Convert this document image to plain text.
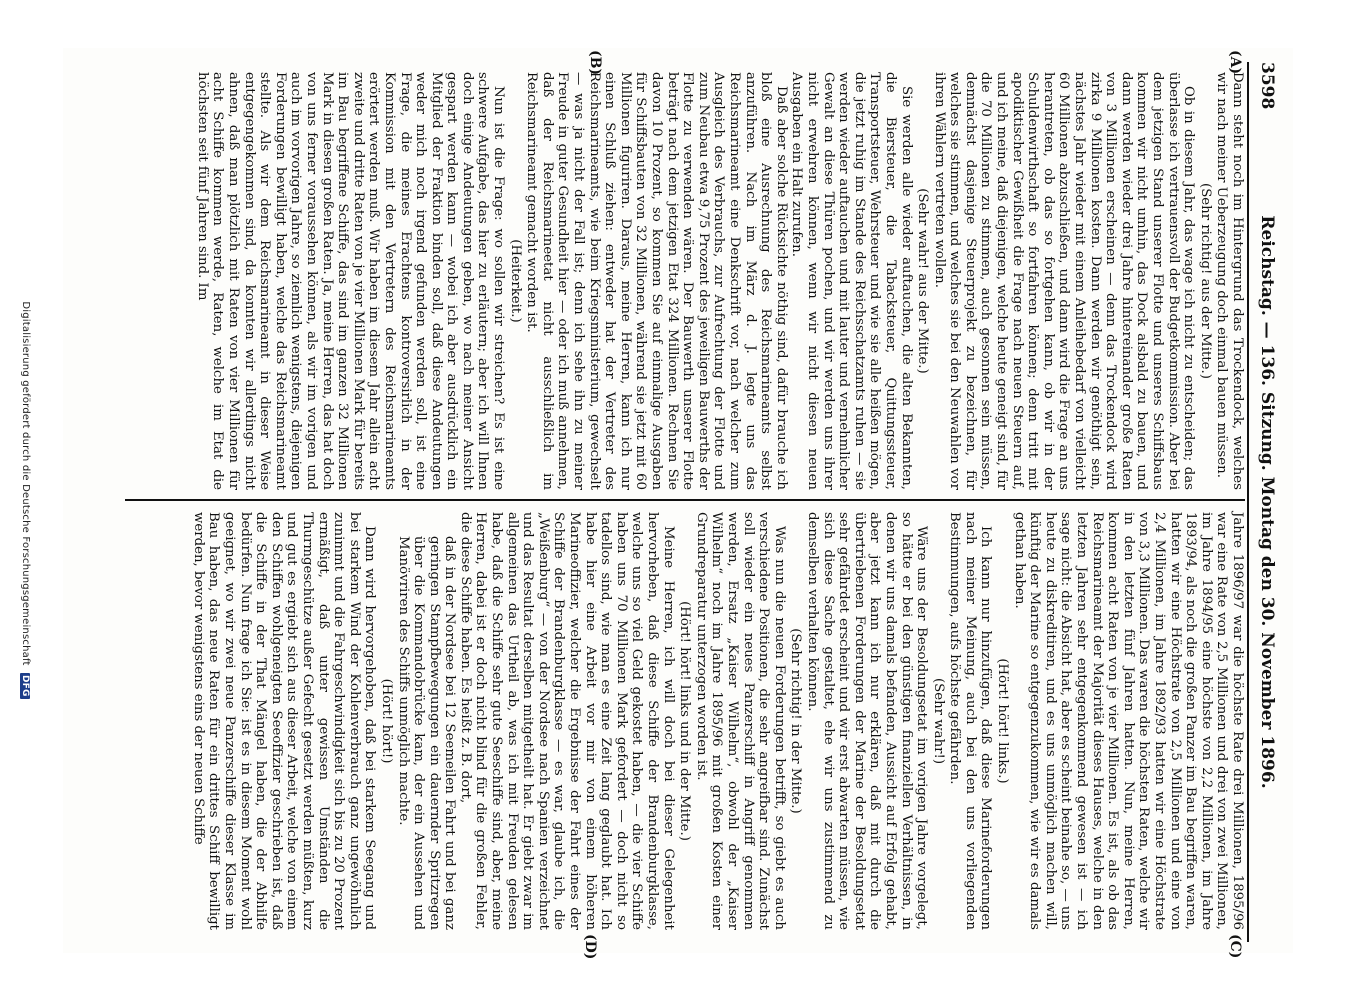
3598
Reichstag. — 136. Sitzung. Montag den 30. November 1896.
(A)
(B)
(C)
(D)

Dann steht noch im Hintergrund das Trockendock, welches wir nach meiner Ueberzeugung doch einmal bauen müssen.

(Sehr richtig! aus der Mitte.)

Ob in diesem Jahr, das wage ich nicht zu entscheiden; das überlasse ich vertrauensvoll der Budgetkommission. Aber bei dem jetzigen Stand unserer Flotte und unseres Schiffsbaus kommen wir nicht umhin, das Dock alsbald zu bauen, und dann werden wieder drei Jahre hintereinander große Raten von 3 Millionen erscheinen — denn das Trockendock wird zirka 9 Millionen kosten. Dann werden wir genöthigt sein, nächstes Jahr wieder mit einem Anleihebedarf von vielleicht 60 Millionen abzuschließen, und dann wird die Frage an uns herantreten, ob das so fortgehen kann, ob wir in der Schuldenwirthschaft so fortfahren können; denn tritt mit apodiktischer Gewißheit die Frage nach neuen Steuern auf, und ich meine, daß diejenigen, welche heute geneigt sind, für die 70 Millionen zu stimmen, auch gesonnen sein müssen, demnächst dasjenige Steuerprojekt zu bezeichnen, für welches sie stimmen, und welches sie bei den Neuwahlen vor ihren Wählern vertreten wollen.

(Sehr wahr! aus der Mitte.)

Sie werden alle wieder auftauchen, die alten Bekannten, die Biersteuer, die Tabacksteuer, Quittungssteuer, Transportsteuer, Wehrsteuer und wie sie alle heißen mögen, die jetzt ruhig im Stande des Reichsschatzamts ruhen — sie werden wieder auftauchen und mit lauter und vernehmlicher Gewalt an diese Thüren pochen, und wir werden uns ihrer nicht erwehren können, wenn wir nicht diesen neuen Ausgaben ein Halt zurufen.

Daß aber solche Rücksichte nöthig sind, dafür brauche ich bloß eine Ausrechnung des Reichsmarineamts selbst anzuführen. Nach im März d. J. legte uns das Reichsmarineamt eine Denkschrift vor, nach welcher zum Ausgleich des Verbrauchs, zur Aufrechtung der Flotte und zum Neubau etwa 9,75 Prozent des jeweiligen Bauwerths der Flotte zu verwenden wären. Der Bauwerth unserer Flotte beträgt nach dem jetzigen Etat 324 Millionen. Rechnen Sie davon 10 Prozent, so kommen Sie auf einmalige Ausgaben für Schiffsbauten von 32 Millionen, während sie jetzt mit 60 Millionen figuriren. Daraus, meine Herren, kann ich nur einen Schluß ziehen: entweder hat der Vertreter des Reichsmarineamts, wie beim Kriegsministerium, gewechselt — was ja nicht der Fall ist; denn ich sehe ihn zu meiner Freude in guter Gesundheit hier — oder ich muß annehmen, daß der Reichsmarineetat nicht ausschließlich im Reichsmarineamt gemacht worden ist.

(Heiterkeit.)

Nun ist die Frage: wo sollen wir streichen? Es ist eine schwere Aufgabe, das hier zu erläutern; aber ich will Ihnen doch einige Andeutungen geben, wo nach meiner Ansicht gespart werden kann — wobei ich aber ausdrücklich ein Mitglied der Fraktion binden soll, daß diese Andeutungen weder mich noch irgend gefunden werden soll, ist eine Frage, die meines Erachtens kontroversirlich in der Kommission mit den Vertretern des Reichsmarineamts erörtert werden muß. Wir haben im diesem Jahr allein acht zweite und dritte Raten von je vier Millionen Mark für bereits im Bau begriffene Schiffe, das sind im ganzen 32 Millionen Mark in diesen großen Raten. Ja, meine Herren, das hat doch von uns ferner voraussehen können, als wir im vorigen und auch im vorvorigen Jahre, so ziemlich wenigstens, diejenigen Forderungen bewilligt haben, welche das Reichsmarineamt stellte. Als wir dem Reichsmarineamt in dieser Weise entgegengekommen sind, da konnten wir allerdings nicht ahnen, daß man plötzlich mit Raten von vier Millionen für acht Schiffe kommen werde, Raten, welche im Etat die höchsten seit fünf Jahren sind. Im

Jahre 1896/97 war die höchste Rate drei Millionen, 1895/96 war eine Rate von 2,5 Millionen und drei von zwei Millionen, im Jahre 1894/95 eine höchste von 2,2 Millionen, im Jahre 1893/94, als noch die großen Panzer im Bau begriffen waren, hatten wir eine Höchstrate von 2,5 Millionen und eine von 2,4 Millionen, im Jahre 1892/93 hatten wir eine Höchstrate von 3,3 Millionen. Das waren die höchsten Raten, welche wir in den letzten fünf Jahren hatten. Nun, meine Herren, kommen acht Raten von je vier Millionen. Es ist, als ob das Reichsmarineamt der Majorität dieses Hauses, welche in den letzten Jahren sehr entgegenkommend gewesen ist — ich sage nicht: die Absicht hat, aber es scheint beinahe so, — uns heute zu diskreditiren, und es uns unmöglich machen will, künftig der Marine so entgegenzukommen, wie wir es damals gethan haben.

(Hört! hört! links.)

Ich kann nur hinzufügen, daß diese Marineforderungen nach meiner Meinung, auch bei den uns vorliegenden Bestimmungen, aufs höchste gefährden.

(Sehr wahr!)

Wäre uns der Besoldungsetat im vorigen Jahre vorgelegt, so hätte er bei den günstigen finanziellen Verhältnissen, in denen wir uns damals befanden, Aussicht auf Erfolg gehabt, aber jetzt kann ich nur erklären, daß mit durch die übertriebenen Forderungen der Marine der Besoldungsetat sehr gefährdet erscheint und wir erst abwarten müssen, wie sich diese Sache gestaltet, ehe wir uns zustimmend zu demselben verhalten können.

(Sehr richtig! in der Mitte.)

Was nun die neuen Forderungen betrifft, so giebt es auch verschiedene Positionen, die sehr angreifbar sind. Zunächst soll wieder ein neues Panzerschiff in Angriff genommen werden, Ersatz „Kaiser Wilhelm“, obwohl der „Kaiser Wilhelm“ noch im Jahre 1895/96 mit großen Kosten einer Grundreparatur unterzogen worden ist.

(Hört! hört! links und in der Mitte.)

Meine Herren, ich will doch bei dieser Gelegenheit hervorheben, daß diese Schiffe der Brandenburgklasse, welche uns so viel Geld gekostet haben, — die vier Schiffe haben uns 70 Millionen Mark gefordert — doch nicht so tadellos sind, wie man es eine Zeit lang geglaubt hat. Ich habe hier eine Arbeit vor mir von einem höheren Marineoffizier, welcher die Ergebnisse der Fahrt eines der Schiffe der Brandenburgklasse — es war, glaube ich, die „Weißenburg“ — von der Nordsee nach Spanien verzeichnet und das Resultat derselben mitgetheilt hat. Er giebt zwar im allgemeinen das Urtheil ab, was ich mit Freuden gelesen habe, daß die Schiffe sehr gute Seeschiffe sind, aber, meine Herren, dabei ist er doch nicht blind für die großen Fehler, die diese Schiffe haben. Es heißt z. B. dort,

daß in der Nordsee bei 12 Seemeilen Fahrt und bei ganz geringen Stampfbewegungen ein dauernder Spritzregen über die Kommandobrücke kam, der ein Aussehen und Manövriren des Schiffs unmöglich machte.

(Hört! hört!)

Dann wird hervorgehoben, daß bei starkem Seegang und bei starkem Wind der Kohlenverbrauch ganz ungewöhnlich zunimmt und die Fahrgeschwindigkeit sich bis zu 20 Prozent ermäßigt, daß unter gewissen Umständen die Thurmgeschütze außer Gefecht gesetzt werden müßten, kurz und gut es ergiebt sich aus dieser Arbeit, welche von einem den Schiffen wohlgeneigten Seeoffizier geschrieben ist, daß die Schiffe in der That Mängel haben, die der Abhilfe bedürfen. Nun frage ich Sie: ist es in diesem Moment wohl geeignet, wo wir zwei neue Panzerschiffe dieser Klasse im Bau haben, das neue Raten für ein drittes Schiff bewilligt werden, bevor wenigstens eins der neuen Schiffe

Digitalisierung gefördert durch die Deutsche Forschungsgemeinschaft DFG
